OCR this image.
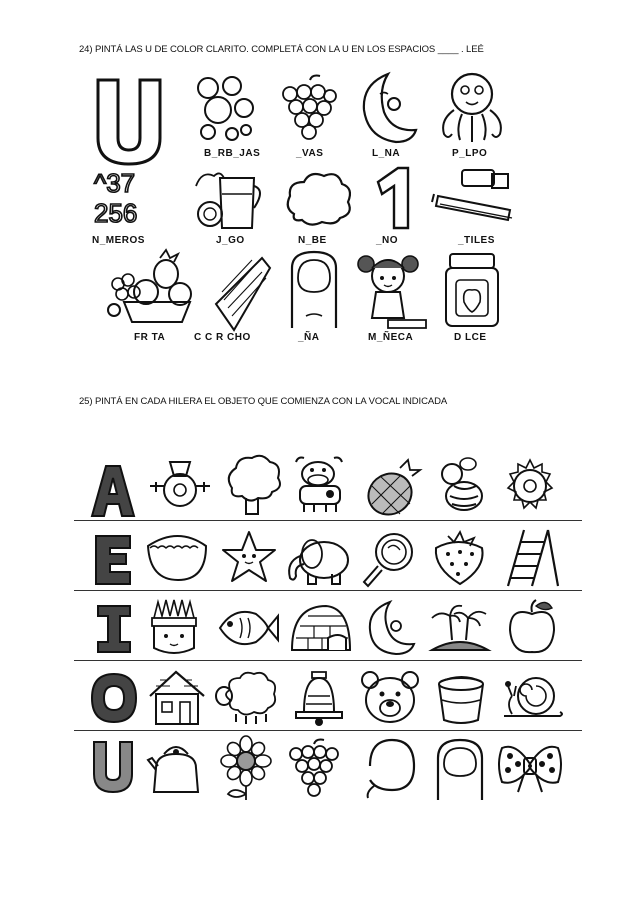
24) PINTÁ LAS U DE COLOR CLARITO. COMPLETÁ CON LA U EN LOS ESPACIOS ____ . LEÉ
^37
256
B_RB_JAS	_VAS	L_NA	P_LPO
N_MEROS	J_GO	N_BE	_NO	_TILES
FR TA	C C R CHO	_ÑA	M_ÑECA	D LCE
25) PINTÁ EN CADA HILERA EL OBJETO QUE COMIENZA CON LA VOCAL INDICADA
